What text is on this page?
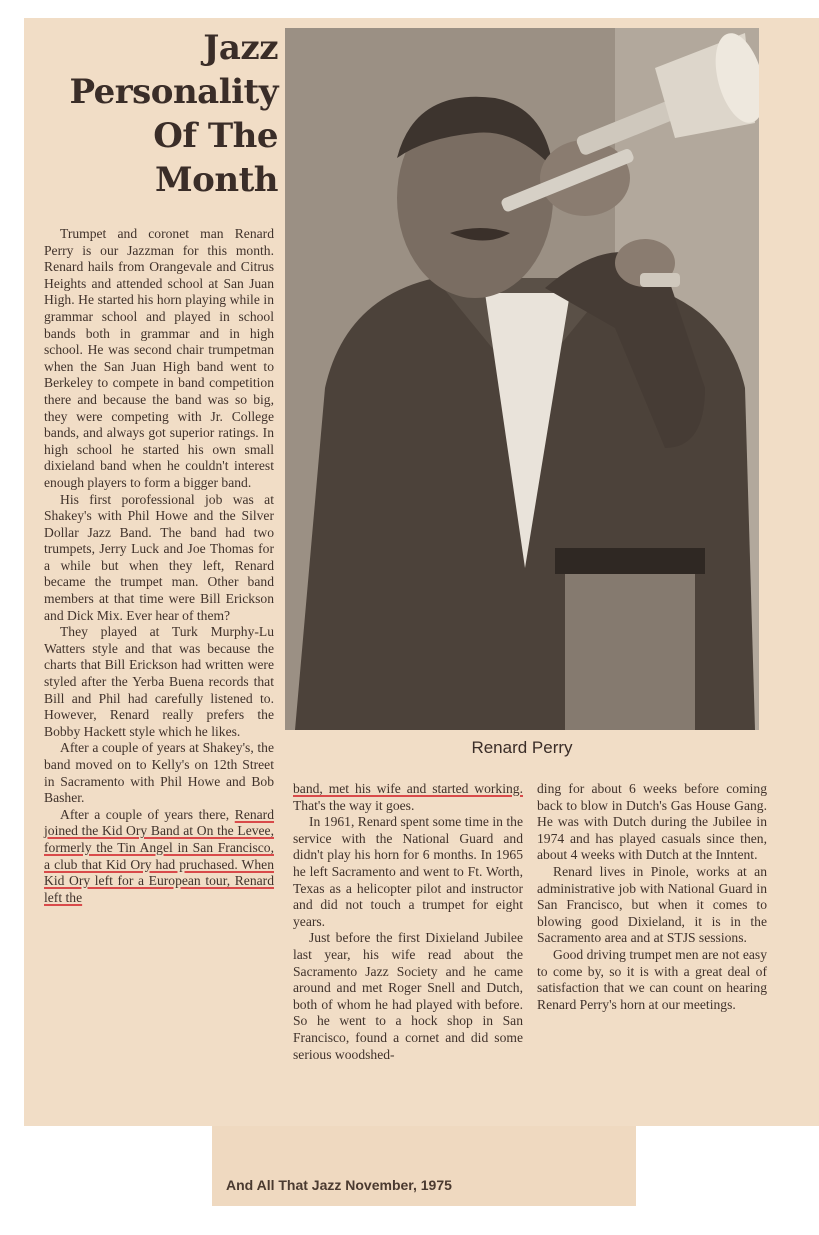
Jazz
Personality
Of The
Month
Renard Perry

Trumpet and coronet man Renard Perry is our Jazzman for this month. Renard hails from Orangevale and Citrus Heights and attended school at San Juan High. He started his horn playing while in grammar school and played in school bands both in grammar and in high school. He was second chair trumpetman when the San Juan High band went to Berkeley to compete in band competition there and because the band was so big, they were competing with Jr. College bands, and always got superior ratings. In high school he started his own small dixieland band when he couldn't interest enough players to form a bigger band.

His first porofessional job was at Shakey's with Phil Howe and the Silver Dollar Jazz Band. The band had two trumpets, Jerry Luck and Joe Thomas for a while but when they left, Renard became the trumpet man. Other band members at that time were Bill Erickson and Dick Mix. Ever hear of them?

They played at Turk Murphy-Lu Watters style and that was because the charts that Bill Erickson had written were styled after the Yerba Buena records that Bill and Phil had carefully listened to. However, Renard really prefers the Bobby Hackett style which he likes.

After a couple of years at Shakey's, the band moved on to Kelly's on 12th Street in Sacramento with Phil Howe and Bob Basher.

After a couple of years there, Renard joined the Kid Ory Band at On the Levee, formerly the Tin Angel in San Francisco, a club that Kid Ory had pruchased. When Kid Ory left for a European tour, Renard left the

band, met his wife and started working. That's the way it goes.

In 1961, Renard spent some time in the service with the National Guard and didn't play his horn for 6 months. In 1965 he left Sacramento and went to Ft. Worth, Texas as a helicopter pilot and instructor and did not touch a trumpet for eight years.

Just before the first Dixieland Jubilee last year, his wife read about the Sacramento Jazz Society and he came around and met Roger Snell and Dutch, both of whom he had played with before. So he went to a hock shop in San Francisco, found a cornet and did some serious woodshed-

ding for about 6 weeks before coming back to blow in Dutch's Gas House Gang. He was with Dutch during the Jubilee in 1974 and has played casuals since then, about 4 weeks with Dutch at the Inntent.

Renard lives in Pinole, works at an administrative job with National Guard in San Francisco, but when it comes to blowing good Dixieland, it is in the Sacramento area and at STJS sessions.

Good driving trumpet men are not easy to come by, so it is with a great deal of satisfaction that we can count on hearing Renard Perry's horn at our meetings.

And All That Jazz November, 1975
